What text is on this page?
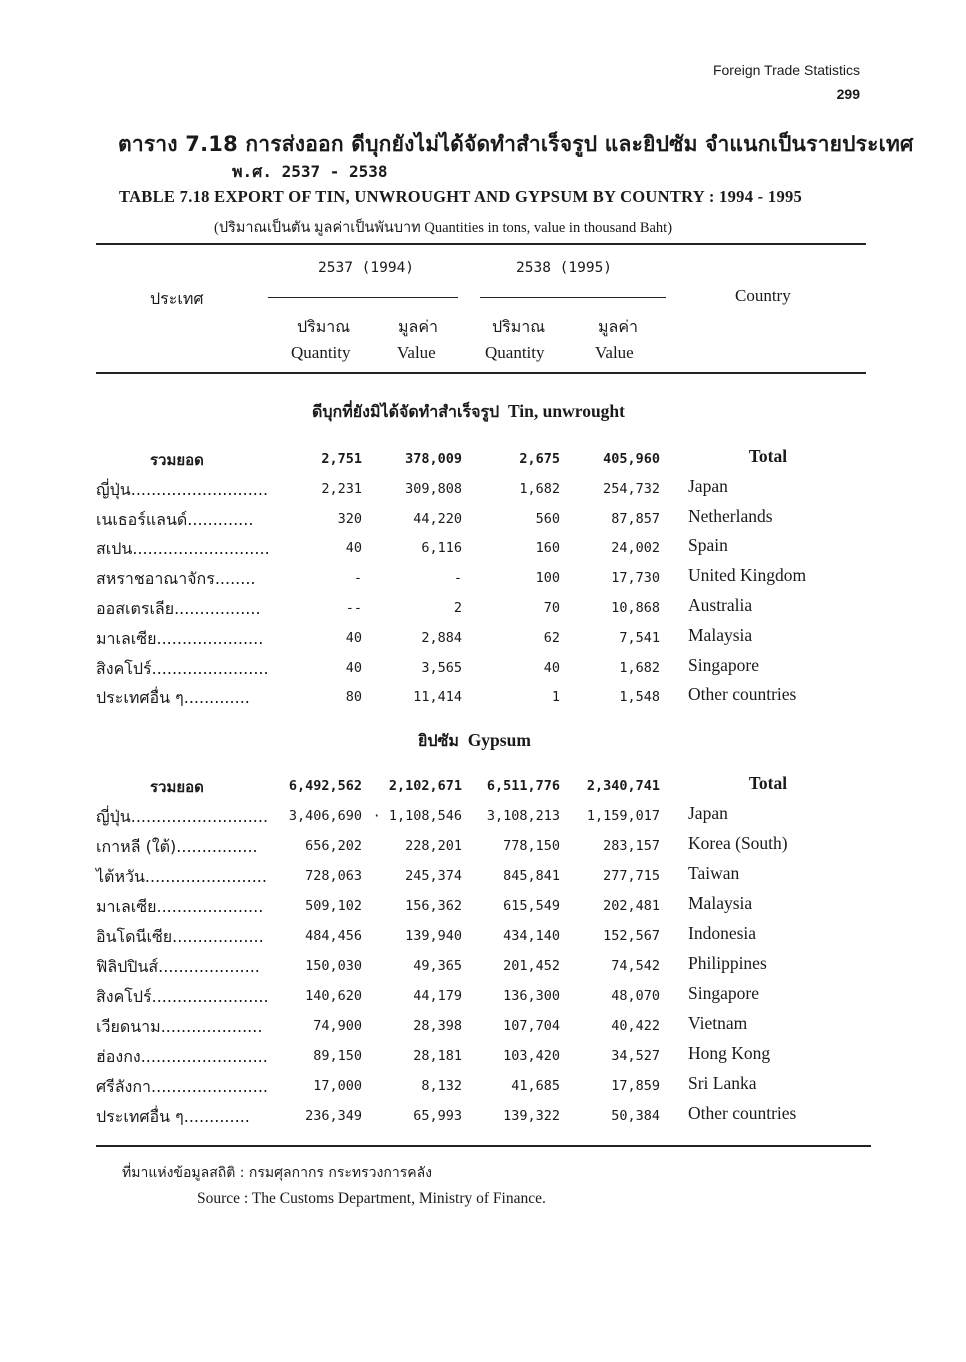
Foreign Trade Statistics
299
ตาราง 7.18 การส่งออก ดีบุกยังไม่ได้จัดทำสำเร็จรูป และยิปซัม จำแนกเป็นรายประเทศ
พ.ศ. 2537 - 2538
TABLE 7.18 EXPORT OF TIN, UNWROUGHT AND GYPSUM BY COUNTRY : 1994 - 1995
(ปริมาณเป็นตัน มูลค่าเป็นพันบาท Quantities in tons, value in thousand Baht)
2537 (1994)	2538 (1995)
ประเทศ	Country
ปริมาณ	มูลค่า	ปริมาณ	มูลค่า
Quantity	Value	Quantity	Value
ดีบุกที่ยังมิได้จัดทำสำเร็จรูป Tin, unwrought
รวมยอด	2,751	378,009	2,675	405,960	Total
ญี่ปุ่น...........................	2,231	309,808	1,682	254,732 Japan
เนเธอร์แลนด์.............	320	44,220	560	87,857 Netherlands
สเปน...........................	40	6,116	160	24,002 Spain
สหราชอาณาจักร........	-	-	100	17,730 United Kingdom
ออสเตรเลีย.................	--	2	70	10,868 Australia
มาเลเซีย.....................	40	2,884	62	7,541 Malaysia
สิงคโปร์.......................	40	3,565	40	1,682 Singapore
ประเทศอื่น ๆ.............	80	11,414	1	1,548 Other countries
ยิปซัม Gypsum
รวมยอด	6,492,562	2,102,671	6,511,776	2,340,741	Total
ญี่ปุ่น...........................	3,406,690 · 1,108,546	3,108,213	1,159,017 Japan
เกาหลี (ใต้)................	656,202	228,201	778,150	283,157 Korea (South)
ไต้หวัน........................	728,063	245,374	845,841	277,715 Taiwan
มาเลเซีย.....................	509,102	156,362	615,549	202,481 Malaysia
อินโดนีเซีย..................	484,456	139,940	434,140	152,567 Indonesia
ฟิลิปปินส์....................	150,030	49,365	201,452	74,542 Philippines
สิงคโปร์.......................	140,620	44,179	136,300	48,070 Singapore
เวียดนาม....................	74,900	28,398	107,704	40,422 Vietnam
ฮ่องกง.........................	89,150	28,181	103,420	34,527 Hong Kong
ศรีลังกา.......................	17,000	8,132	41,685	17,859 Sri Lanka
ประเทศอื่น ๆ.............	236,349	65,993	139,322	50,384 Other countries
ที่มาแห่งข้อมูลสถิติ : กรมศุลกากร กระทรวงการคลัง
Source : The Customs Department, Ministry of Finance.
